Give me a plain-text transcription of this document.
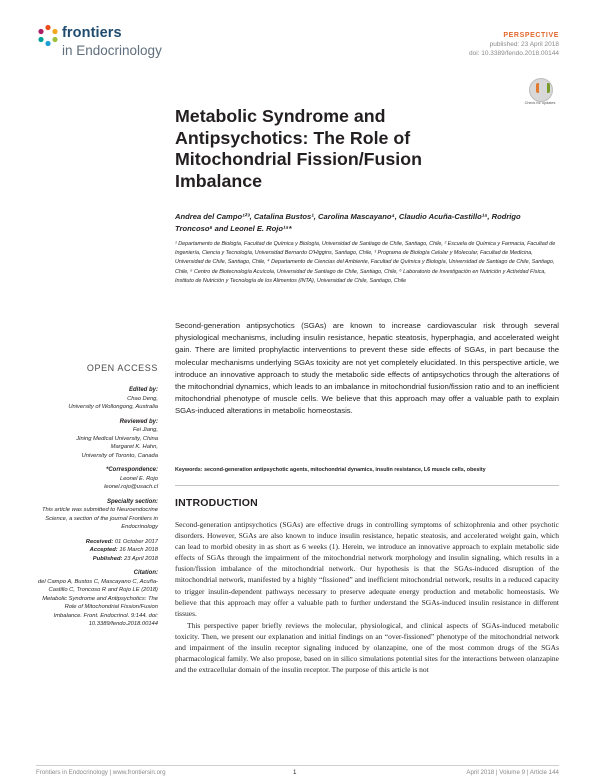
frontiers
in Endocrinology
PERSPECTIVE
published: 23 April 2018
doi: 10.3389/fendo.2018.00144
Check for updates
Metabolic Syndrome and Antipsychotics: The Role of Mitochondrial Fission/Fusion Imbalance
Andrea del Campo¹²³, Catalina Bustos¹, Carolina Mascayano⁴, Claudio Acuña-Castillo¹⁵, Rodrigo Troncoso⁶ and Leonel E. Rojo¹⁵*
¹ Departamento de Biología, Facultad de Química y Biología, Universidad de Santiago de Chile, Santiago, Chile, ² Escuela de Química y Farmacia, Facultad de Ingeniería, Ciencia y Tecnología, Universidad Bernardo O'Higgins, Santiago, Chile, ³ Programa de Biología Celular y Molecular, Facultad de Medicina, Universidad de Chile, Santiago, Chile, ⁴ Departamento de Ciencias del Ambiente, Facultad de Química y Biología, Universidad de Santiago de Chile, Santiago, Chile, ⁵ Centro de Biotecnología Acuícola, Universidad de Santiago de Chile, Santiago, Chile, ⁶ Laboratorio de Investigación en Nutrición y Actividad Física, Instituto de Nutrición y Tecnología de los Alimentos (INTA), Universidad de Chile, Santiago, Chile
Second-generation antipsychotics (SGAs) are known to increase cardiovascular risk through several physiological mechanisms, including insulin resistance, hepatic steatosis, hyperphagia, and accelerated weight gain. There are limited prophylactic interventions to prevent these side effects of SGAs, in part because the molecular mechanisms underlying SGAs toxicity are not yet completely elucidated. In this perspective article, we introduce an innovative approach to study the metabolic side effects of antipsychotics through the alterations of the mitochondrial dynamics, which leads to an imbalance in mitochondrial fusion/fission ratio and to an inefficient mitochondrial phenotype of muscle cells. We believe that this approach may offer a valuable path to explain SGAs-induced alterations in metabolic homeostasis.
Keywords: second-generation antipsychotic agents, mitochondrial dynamics, insulin resistance, L6 muscle cells, obesity
INTRODUCTION

Second-generation antipsychotics (SGAs) are effective drugs in controlling symptoms of schizophrenia and other psychotic disorders. However, SGAs are also known to induce insulin resistance, hepatic steatosis, and accelerated weight gain, which can lead to morbid obesity in as short as 6 weeks (1). Herein, we introduce an innovative approach to explain metabolic side effects of SGAs through the impairment of the mitochondrial network morphology and insulin signaling, which results in a fusion/fission imbalance of the mitochondrial network. Our hypothesis is that the SGAs-induced disruption of the mitochondrial network, manifested by a highly “fissioned” and inefficient mitochondrial network, results in a reduced capacity to trigger insulin-dependent pathways necessary to preserve adequate energy production and metabolic homeostasis. We believe that this approach may offer a valuable path to further understand the SGAs-induced insulin resistance in different tissues.

This perspective paper briefly reviews the molecular, physiological, and clinical aspects of SGAs-induced metabolic toxicity. Then, we present our explanation and initial findings on an “over-fissioned” phenotype of the mitochondrial network and impairment of the insulin receptor signaling induced by olanzapine, one of the most common drugs of the SGAs pharmacological family. We also propose, based on in silico simulations potential sites for the interactions between olanzapine and the extracellular domain of the insulin receptor. The purpose of this article is not

OPEN ACCESS
Edited by:
Chao Deng,
University of Wollongong, Australia
Reviewed by:
Fei Jiang,
Jining Medical University, China
Margaret K. Hahn,
University of Toronto, Canada
*Correspondence:
Leonel E. Rojo
leonel.rojo@usach.cl
Specialty section:
This article was submitted to Neuroendocrine Science, a section of the journal Frontiers in Endocrinology
Received: 01 October 2017
Accepted: 16 March 2018
Published: 23 April 2018
Citation:
del Campo A, Bustos C, Mascayano C, Acuña-Castillo C, Troncoso R and Rojo LE (2018) Metabolic Syndrome and Antipsychotics: The Role of Mitochondrial Fission/Fusion Imbalance. Front. Endocrinol. 9:144. doi: 10.3389/fendo.2018.00144
Frontiers in Endocrinology | www.frontiersin.org	1	April 2018 | Volume 9 | Article 144
